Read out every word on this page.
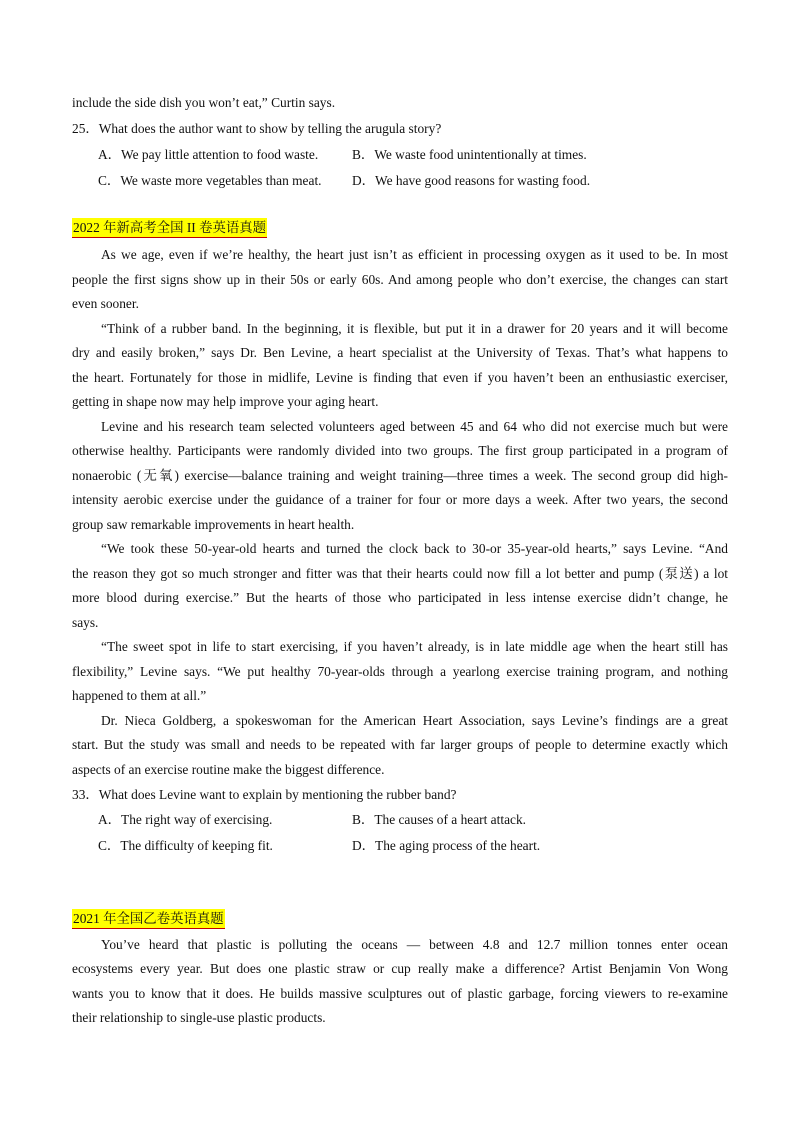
include the side dish you won’t eat,” Curtin says.
25．What does the author want to show by telling the arugula story?
A．We pay little attention to food waste.	B．We waste food unintentionally at times.
C．We waste more vegetables than meat. D．We have good reasons for wasting food.
2022 年新高考全国 II 卷英语真题
As we age, even if we’re healthy, the heart just isn’t as efficient in processing oxygen as it used to be. In most
people the first signs show up in their 50s or early 60s. And among people who don’t exercise, the changes can start
even sooner.
“Think of a rubber band. In the beginning, it is flexible, but put it in a drawer for 20 years and it will become
dry and easily broken,” says Dr. Ben Levine, a heart specialist at the University of Texas. That’s what happens to
the heart. Fortunately for those in midlife, Levine is finding that even if you haven’t been an enthusiastic exerciser,
getting in shape now may help improve your aging heart.
Levine and his research team selected volunteers aged between 45 and 64 who did not exercise much but were
otherwise healthy. Participants were randomly divided into two groups. The first group participated in a program of
nonaerobic (无氧) exercise—balance training and weight training—three times a week. The second group did high-
intensity aerobic exercise under the guidance of a trainer for four or more days a week. After two years, the second
group saw remarkable improvements in heart health.
“We took these 50-year-old hearts and turned the clock back to 30-or 35-year-old hearts,” says Levine. “And
the reason they got so much stronger and fitter was that their hearts could now fill a lot better and pump (泵送) a lot
more blood during exercise.” But the hearts of those who participated in less intense exercise didn’t change, he
says.
“The sweet spot in life to start exercising, if you haven’t already, is in late middle age when the heart still has
flexibility,” Levine says. “We put healthy 70-year-olds through a yearlong exercise training program, and nothing
happened to them at all.”
Dr. Nieca Goldberg, a spokeswoman for the American Heart Association, says Levine’s findings are a great
start. But the study was small and needs to be repeated with far larger groups of people to determine exactly which
aspects of an exercise routine make the biggest difference.
33．What does Levine want to explain by mentioning the rubber band?
A．The right way of exercising.	B．The causes of a heart attack.
C．The difficulty of keeping fit.	D．The aging process of the heart.
2021 年全国乙卷英语真题
You’ve heard that plastic is polluting the oceans — between 4.8 and 12.7 million tonnes enter ocean
ecosystems every year. But does one plastic straw or cup really make a difference? Artist Benjamin Von Wong
wants you to know that it does. He builds massive sculptures out of plastic garbage, forcing viewers to re-examine
their relationship to single-use plastic products.
